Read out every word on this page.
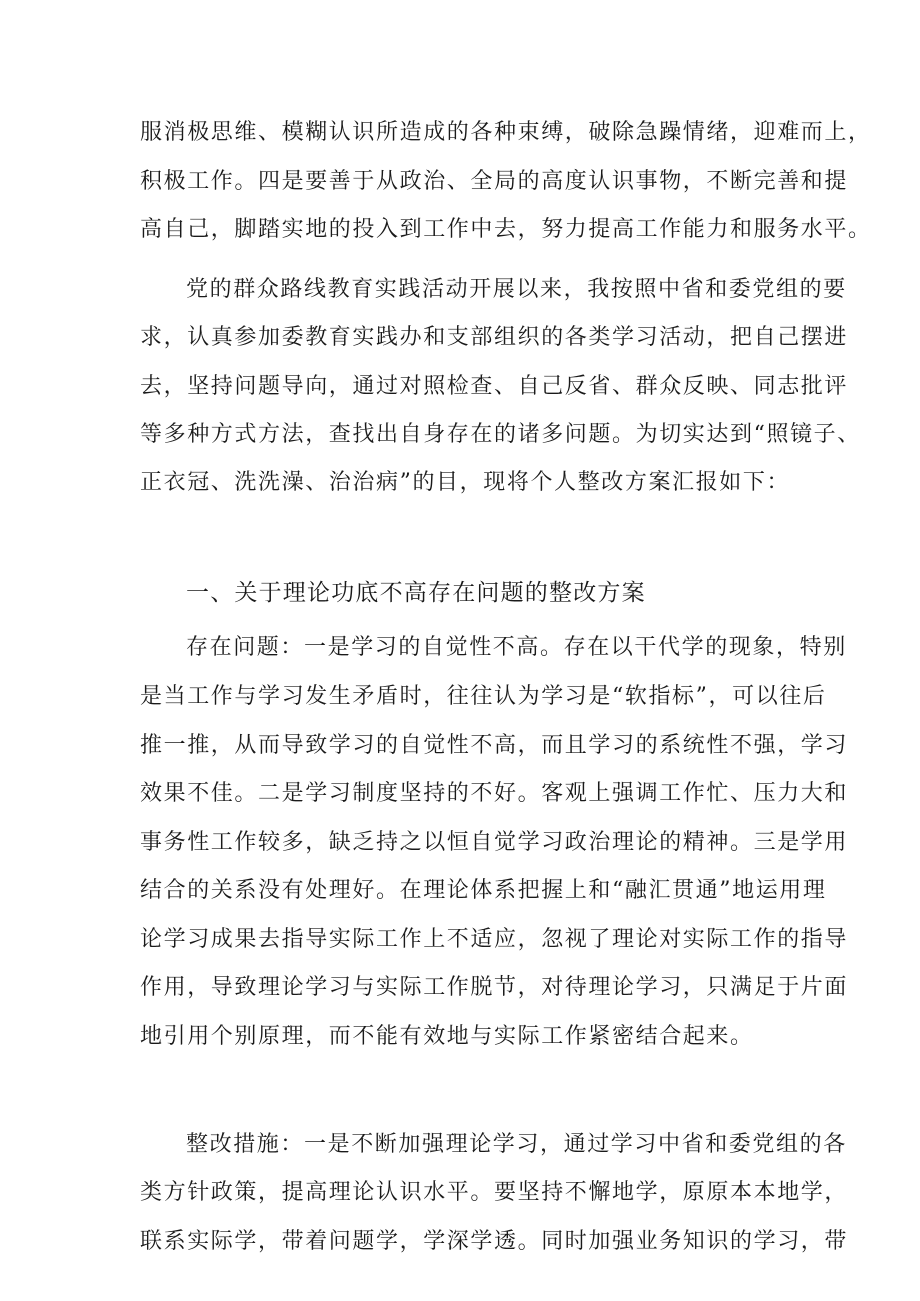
服消极思维、模糊认识所造成的各种束缚，破除急躁情绪，迎难而上，

积极工作。四是要善于从政治、全局的高度认识事物，不断完善和提

高自己，脚踏实地的投入到工作中去，努力提高工作能力和服务水平。

党的群众路线教育实践活动开展以来，我按照中省和委党组的要

求，认真参加委教育实践办和支部组织的各类学习活动，把自己摆进

去，坚持问题导向，通过对照检查、自己反省、群众反映、同志批评

等多种方式方法，查找出自身存在的诸多问题。为切实达到“照镜子、

正衣冠、洗洗澡、治治病”的目，现将个人整改方案汇报如下：

一、关于理论功底不高存在问题的整改方案

存在问题：一是学习的自觉性不高。存在以干代学的现象，特别

是当工作与学习发生矛盾时，往往认为学习是“软指标”，可以往后

推一推，从而导致学习的自觉性不高，而且学习的系统性不强，学习

效果不佳。二是学习制度坚持的不好。客观上强调工作忙、压力大和

事务性工作较多，缺乏持之以恒自觉学习政治理论的精神。三是学用

结合的关系没有处理好。在理论体系把握上和“融汇贯通”地运用理

论学习成果去指导实际工作上不适应，忽视了理论对实际工作的指导

作用，导致理论学习与实际工作脱节，对待理论学习，只满足于片面

地引用个别原理，而不能有效地与实际工作紧密结合起来。

整改措施：一是不断加强理论学习，通过学习中省和委党组的各

类方针政策，提高理论认识水平。要坚持不懈地学，原原本本地学，

联系实际学，带着问题学，学深学透。同时加强业务知识的学习，带
